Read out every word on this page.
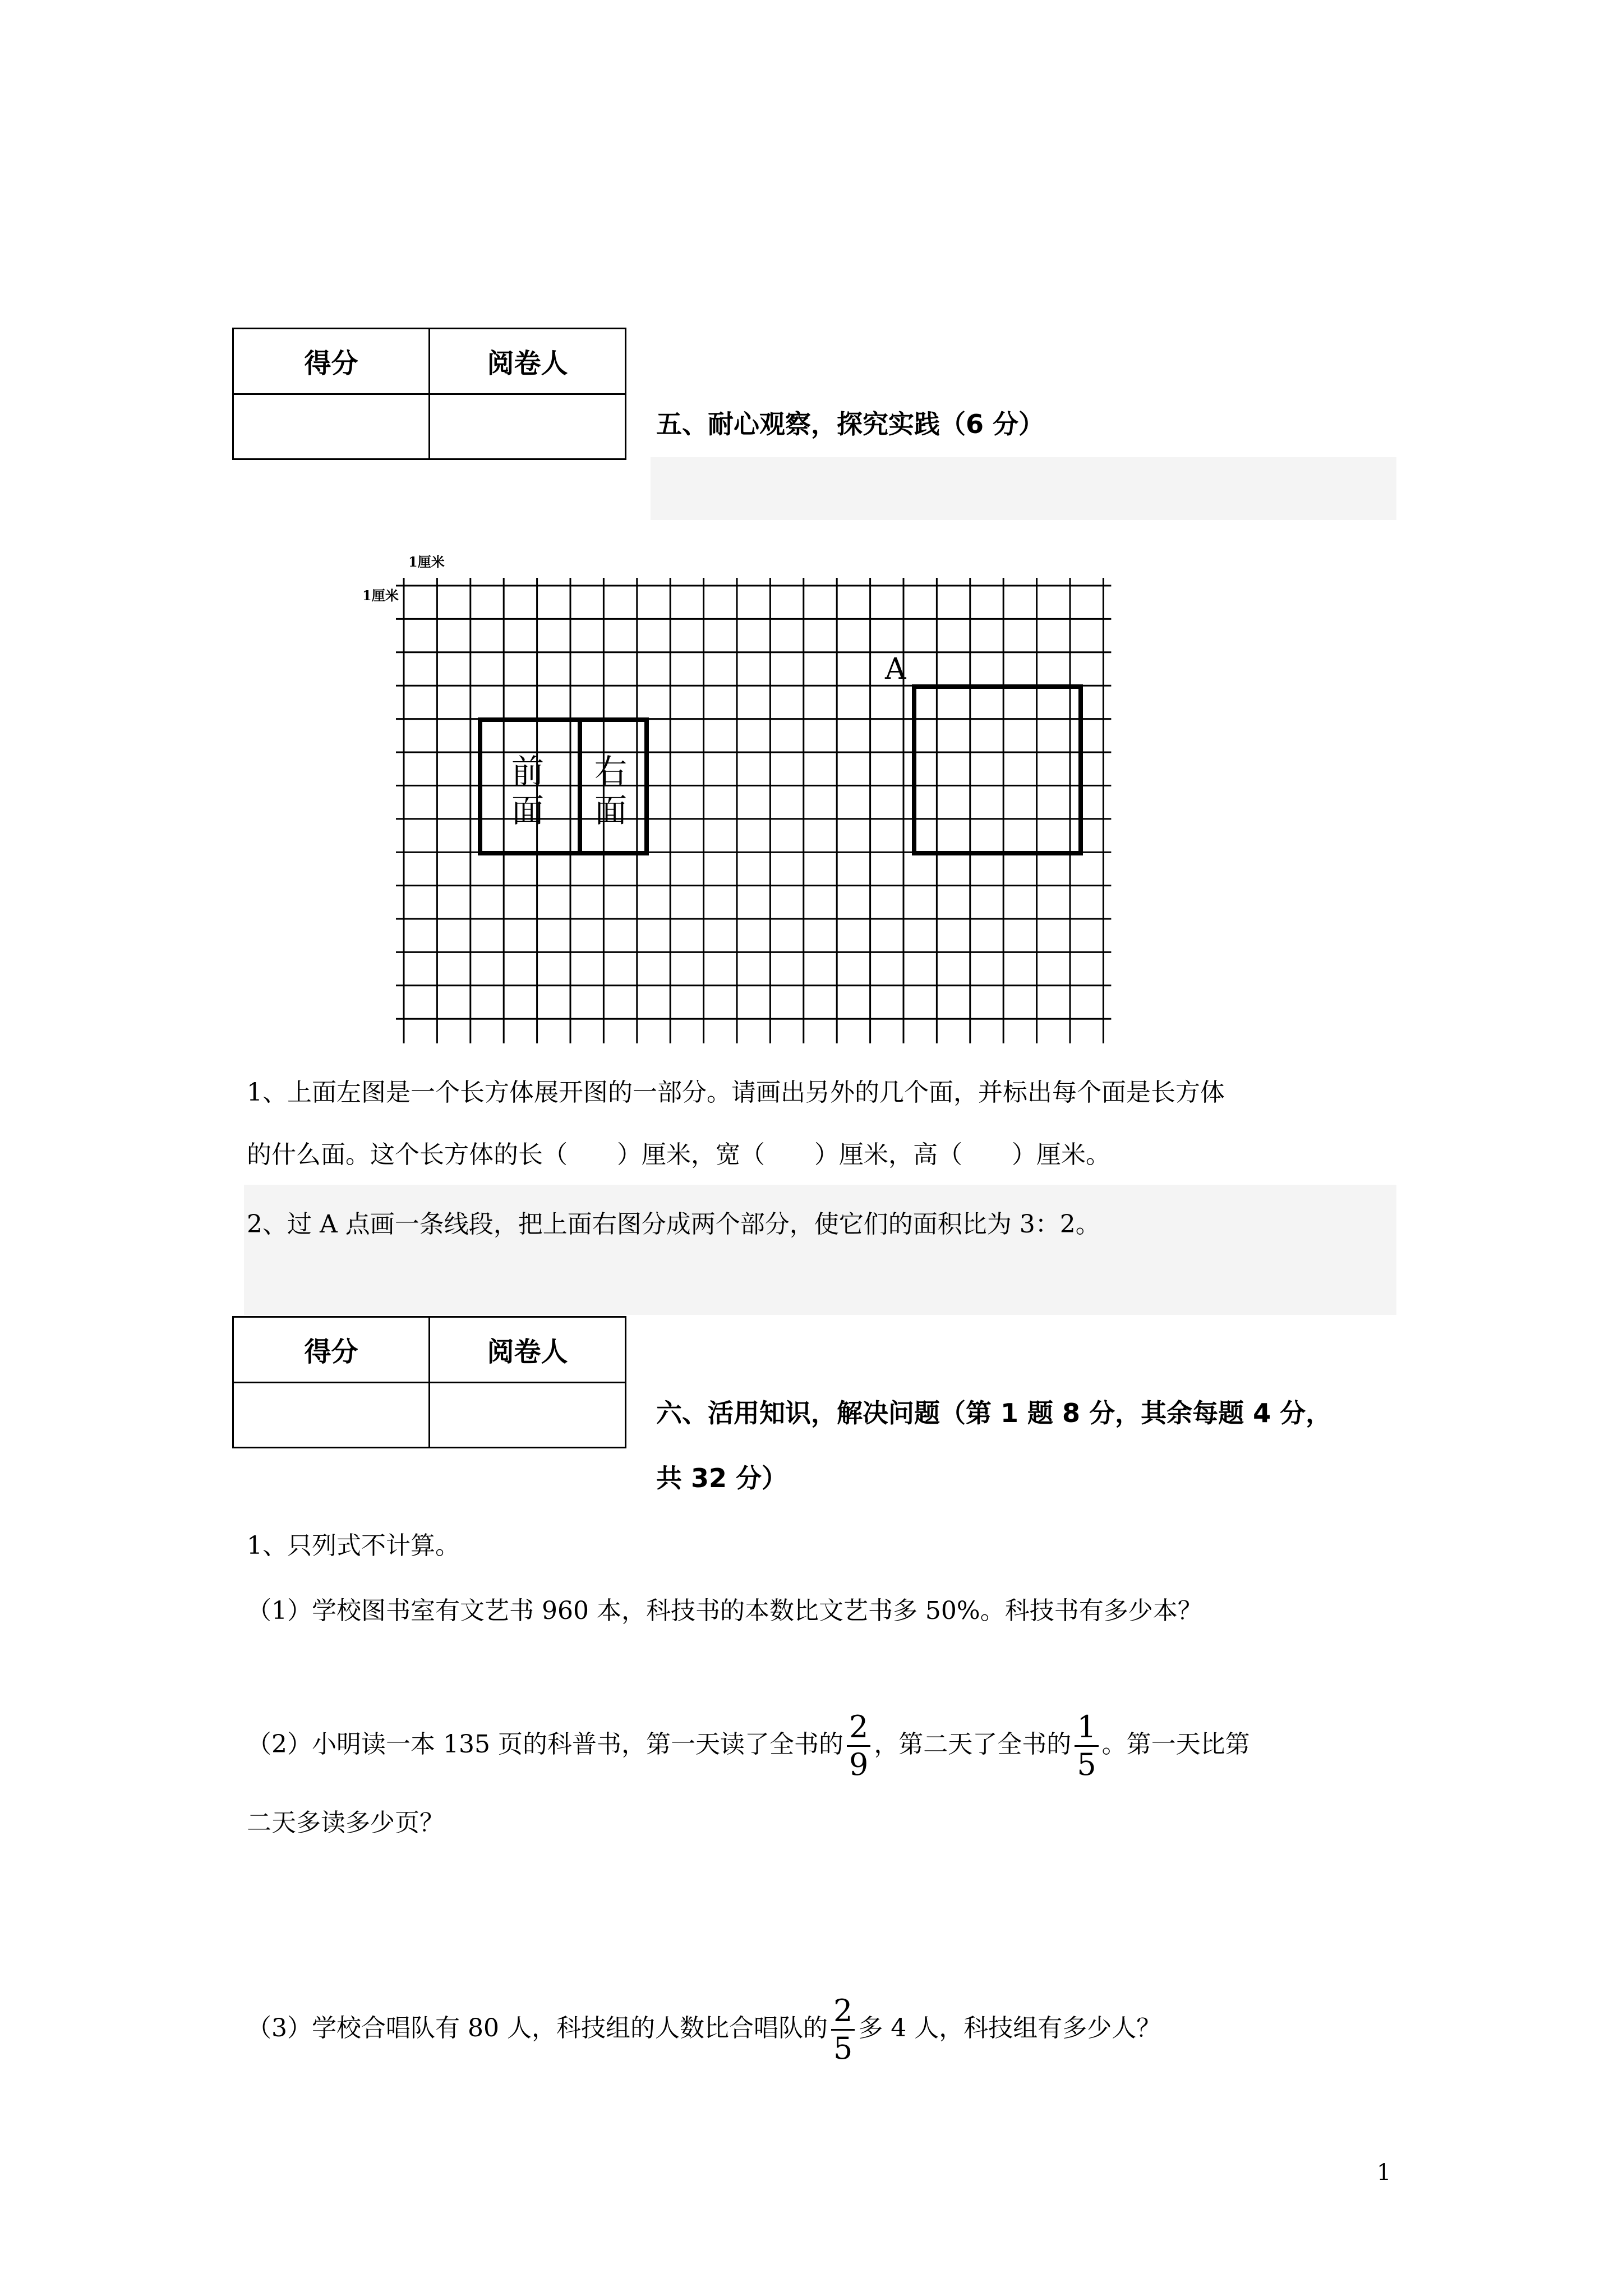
得分	阅卷人

五、耐心观察，探究实践（6 分）
1厘米
1厘米
前
面
右
面
A
1、上面左图是一个长方体展开图的一部分。请画出另外的几个面，并标出每个面是长方体
的什么面。这个长方体的长（　　）厘米，宽（　　）厘米，高（　　）厘米。
2、过 A 点画一条线段，把上面右图分成两个部分，使它们的面积比为 3：2。
得分	阅卷人

六、活用知识，解决问题（第 1 题 8 分，其余每题 4 分，
共 32 分）
1、只列式不计算。
（1）学校图书室有文艺书 960 本，科技书的本数比文艺书多 50%。科技书有多少本？
（2）小明读一本 135 页的科普书，第一天读了全书的 $\frac{2}{9}$ ，第二天了全书的 $\frac{1}{5}$ 。第一天比第
二天多读多少页？
（3）学校合唱队有 80 人，科技组的人数比合唱队的 $\frac{2}{5}$ 多 4 人，科技组有多少人？
1
